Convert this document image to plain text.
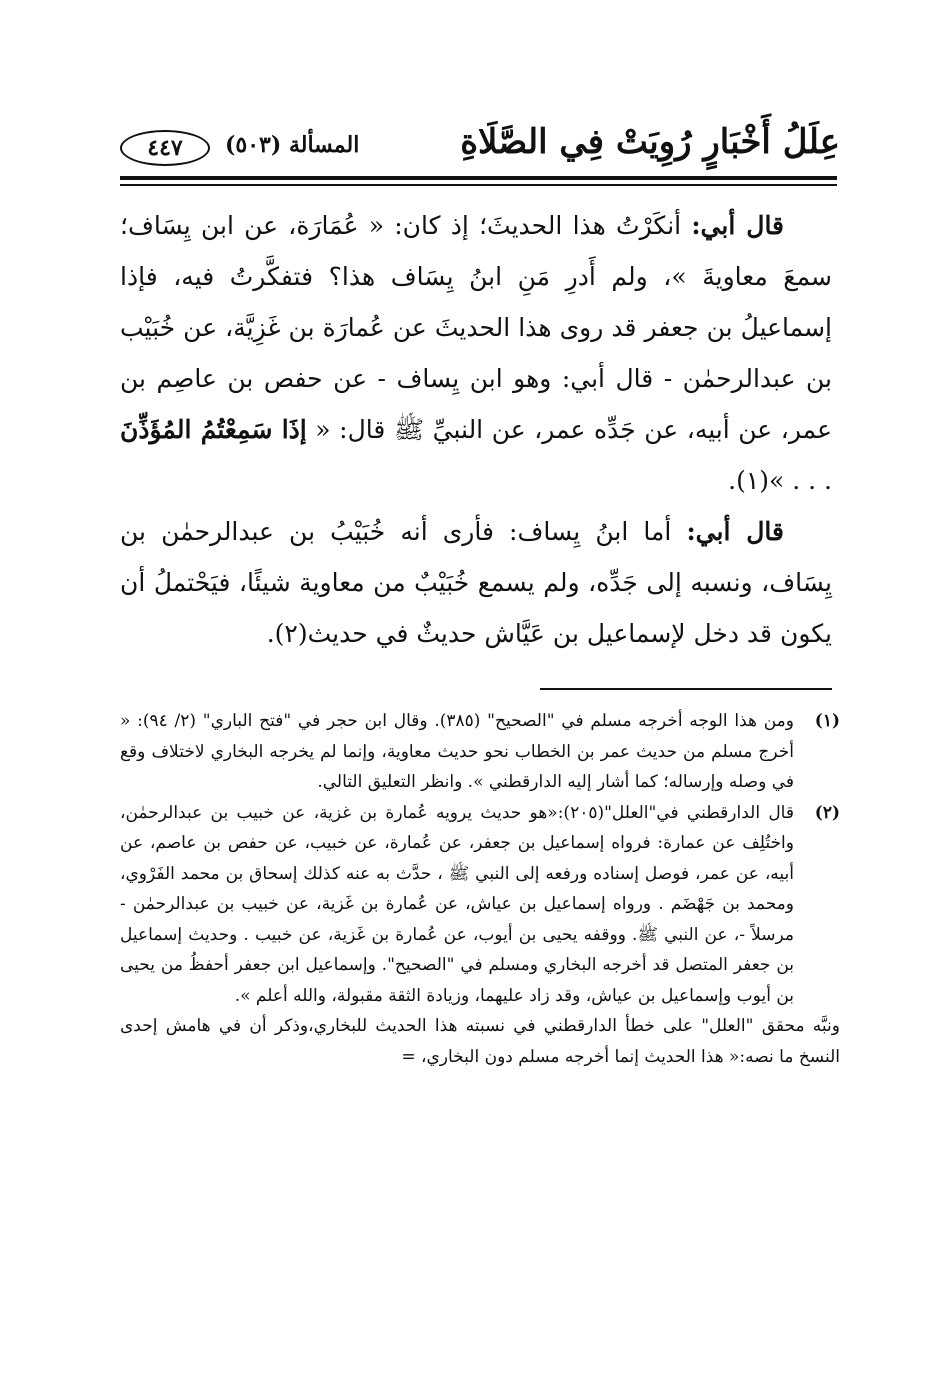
عِلَلُ أَخْبَارٍ رُوِيَتْ فِي الصَّلَاةِ
المسألة (٥٠٣)
٤٤٧

قال أبي: أنكَرْتُ هذا الحديثَ؛ إذ كان: « عُمَارَة، عن ابن يِسَاف؛ سمعَ معاويةَ »، ولم أَدرِ مَنِ ابنُ يِسَاف هذا؟ فتفكَّرتُ فيه، فإذا إسماعيلُ بن جعفر قد روى هذا الحديثَ عن عُمارَة بن غَزِيَّة، عن خُبَيْب بن عبدالرحمٰن - قال أبي: وهو ابن يِساف - عن حفص بن عاصِم بن عمر، عن أبيه، عن جَدِّه عمر، عن النبيِّ ﷺ قال: « إذَا سَمِعْتُمُ المُؤَذِّنَ . . . »(١).

قال أبي: أما ابنُ يِساف: فأرى أنه خُبَيْبُ بن عبدالرحمٰن بن يِسَاف، ونسبه إلى جَدِّه، ولم يسمع خُبَيْبٌ من معاوية شيئًا، فيَحْتملُ أن يكون قد دخل لإسماعيل بن عَيَّاش حديثٌ في حديث(٢).

(١)
ومن هذا الوجه أخرجه مسلم في "الصحيح" (٣٨٥). وقال ابن حجر في "فتح الباري" (٢/ ٩٤): « أخرج مسلم من حديث عمر بن الخطاب نحو حديث معاوية، وإنما لم يخرجه البخاري لاختلاف وقع في وصله وإرساله؛ كما أشار إليه الدارقطني ». وانظر التعليق التالي.
(٢)
قال الدارقطني في"العلل"(٢٠٥):«هو حديث يرويه عُمارة بن غزية، عن خبيب بن عبدالرحمٰن، واختُلِف عن عمارة: فرواه إسماعيل بن جعفر، عن عُمارة، عن خبيب، عن حفص بن عاصم، عن أبيه، عن عمر، فوصل إسناده ورفعه إلى النبي ﷺ ، حدَّث به عنه كذلك إسحاق بن محمد الفَرْوي، ومحمد بن جَهْضَم . ورواه إسماعيل بن عياش، عن عُمارة بن غَزية، عن خبيب بن عبدالرحمٰن - مرسلاً -، عن النبي ﷺ. ووقفه يحيى بن أيوب، عن عُمارة بن غَزية، عن خبيب . وحديث إسماعيل بن جعفر المتصل قد أخرجه البخاري ومسلم في "الصحيح". وإسماعيل ابن جعفر أحفظُ من يحيى بن أيوب وإسماعيل بن عياش، وقد زاد عليهما، وزيادة الثقة مقبولة، والله أعلم ».

ونبَّه محقق "العلل" على خطأ الدارقطني في نسبته هذا الحديث للبخاري،وذكر أن في هامش إحدى النسخ ما نصه:« هذا الحديث إنما أخرجه مسلم دون البخاري، =
